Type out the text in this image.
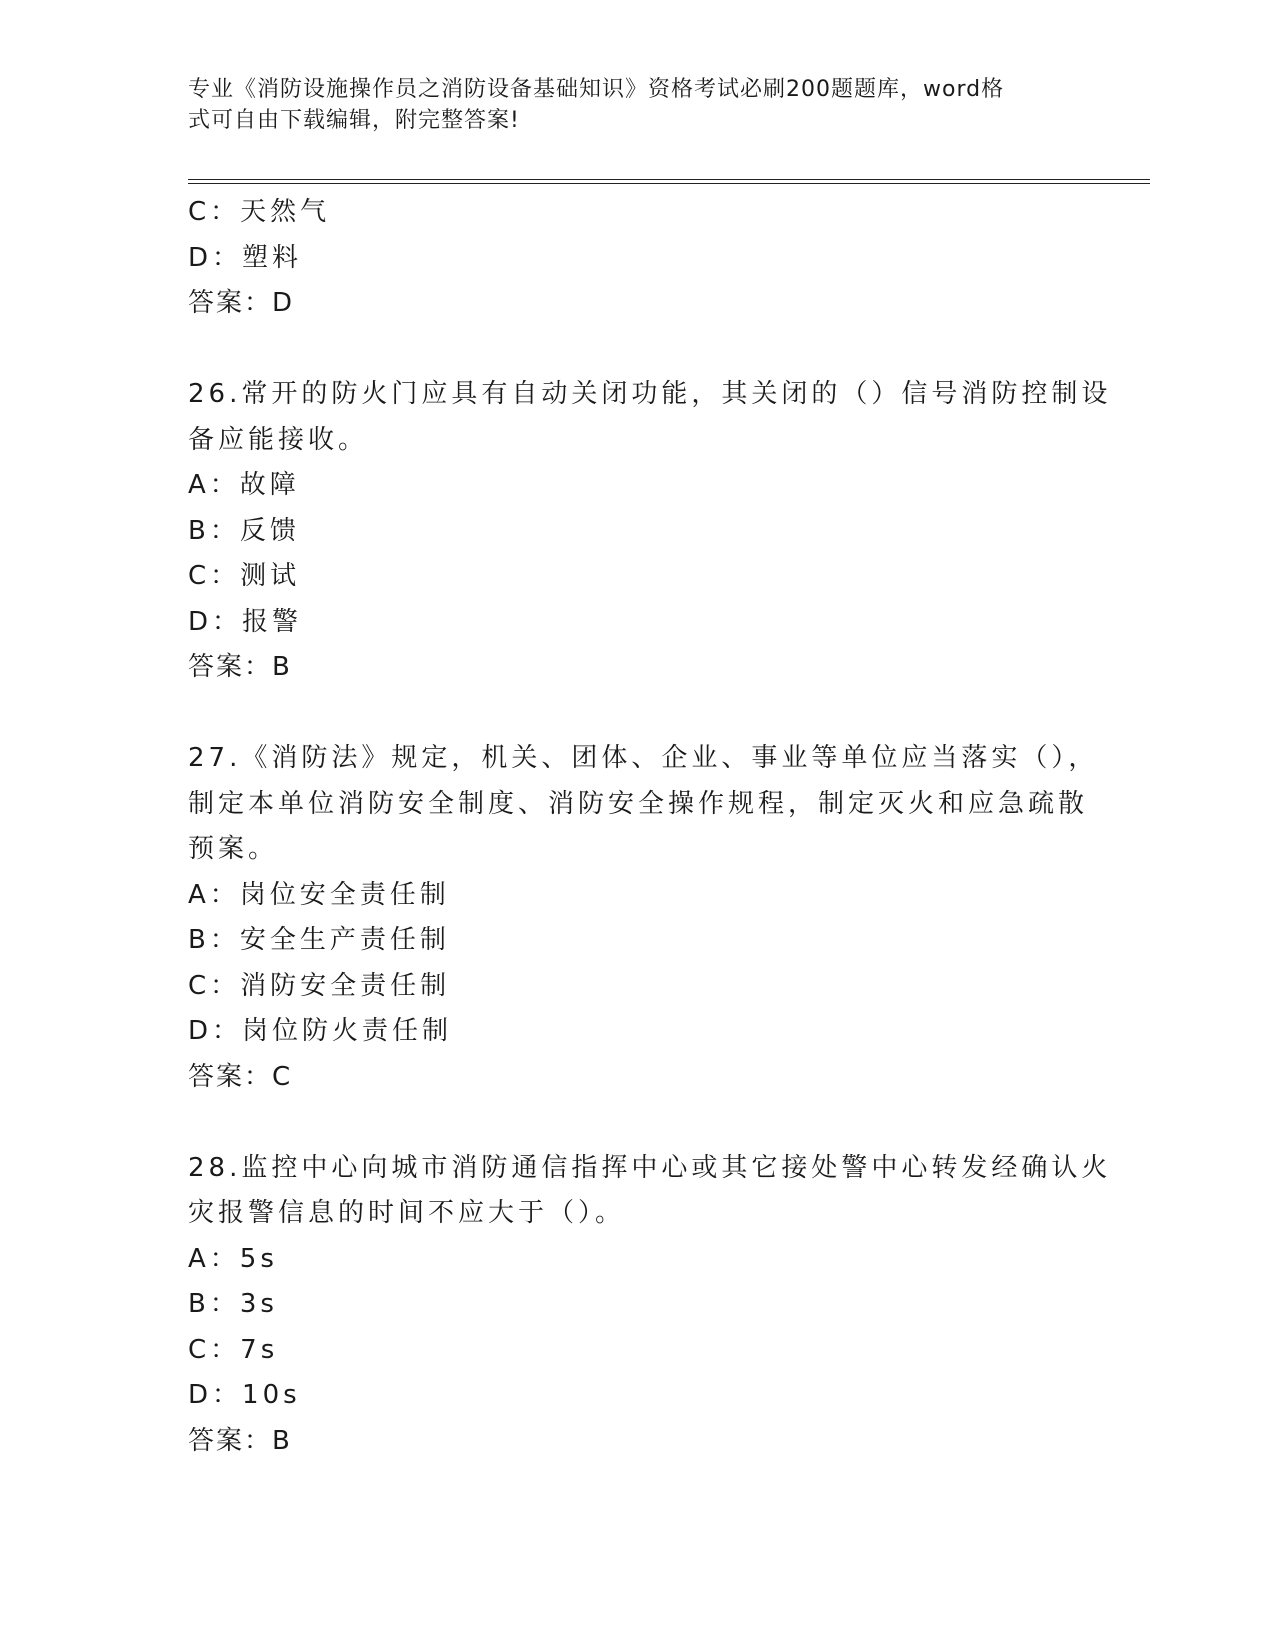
专业《消防设施操作员之消防设备基础知识》资格考试必刷200题题库，word格
式可自由下载编辑，附完整答案!
C：天然气
D：塑料
答案：D
26.常开的防火门应具有自动关闭功能，其关闭的（）信号消防控制设
备应能接收。
A：故障
B：反馈
C：测试
D：报警
答案：B
27.《消防法》规定，机关、团体、企业、事业等单位应当落实（），
制定本单位消防安全制度、消防安全操作规程，制定灭火和应急疏散
预案。
A：岗位安全责任制
B：安全生产责任制
C：消防安全责任制
D：岗位防火责任制
答案：C
28.监控中心向城市消防通信指挥中心或其它接处警中心转发经确认火
灾报警信息的时间不应大于（）。
A：5s
B：3s
C：7s
D：10s
答案：B
